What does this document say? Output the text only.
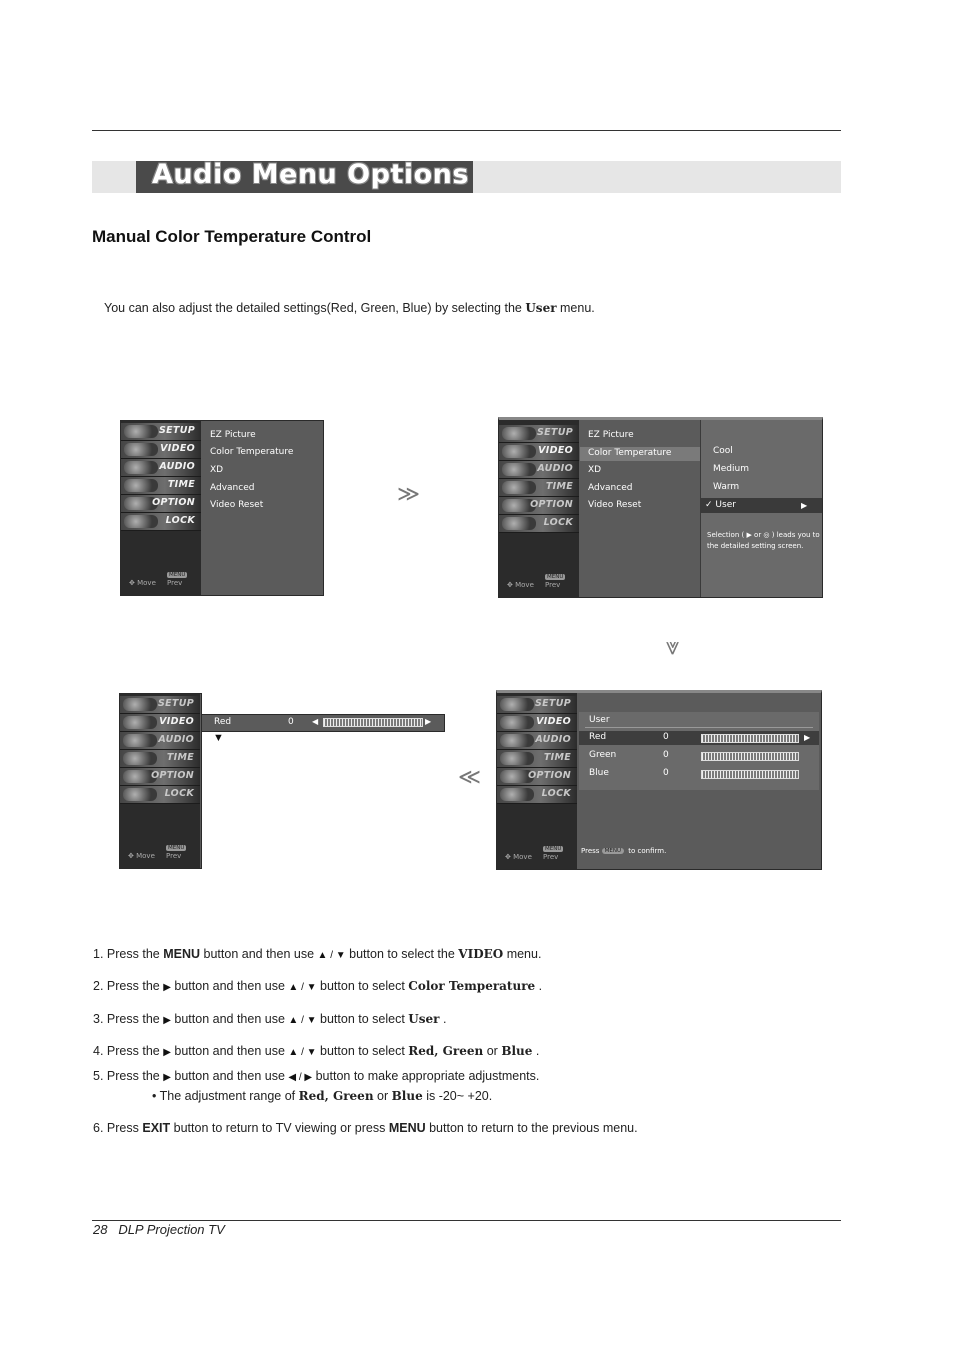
Audio Menu Options
Manual Color Temperature Control
You can also adjust the detailed settings(Red, Green, Blue) by selecting the User menu.
SETUP
VIDEO
AUDIO
TIME
OPTION
LOCK
✥ Move
MENUPrev
EZ Picture
Color Temperature
XD
Advanced
Video Reset	≫
SETUP
VIDEO
AUDIO
TIME
OPTION
LOCK
✥ Move
MENUPrev
EZ Picture
Color Temperature
XD
Advanced
Video Reset
Cool
Medium
Warm
✓ User	▶
Selection ( ▶ or ◎ ) leads you to the detailed setting screen.
⩔
SETUP
VIDEO
AUDIO
TIME
OPTION
LOCK
✥ Move
MENUPrev
Red	0 ◀	▶
▼
≪
SETUP
VIDEO
AUDIO
TIME
OPTION
LOCK
✥ Move
MENUPrev
User
Red	0	▶
Green	0
Blue	0
Press MENU to confirm.
1. Press the MENU button and then use ▲ / ▼ button to select the VIDEO menu.
2. Press the ▶ button and then use ▲ / ▼ button to select Color Temperature .
3. Press the ▶ button and then use ▲ / ▼ button to select User .
4. Press the ▶ button and then use ▲ / ▼ button to select Red, Green or Blue .
5. Press the ▶ button and then use ◀ / ▶ button to make appropriate adjustments.
• The adjustment range of Red, Green or Blue is -20~ +20.
6. Press EXIT button to return to TV viewing or press MENU button to return to the previous menu.
28 DLP Projection TV
